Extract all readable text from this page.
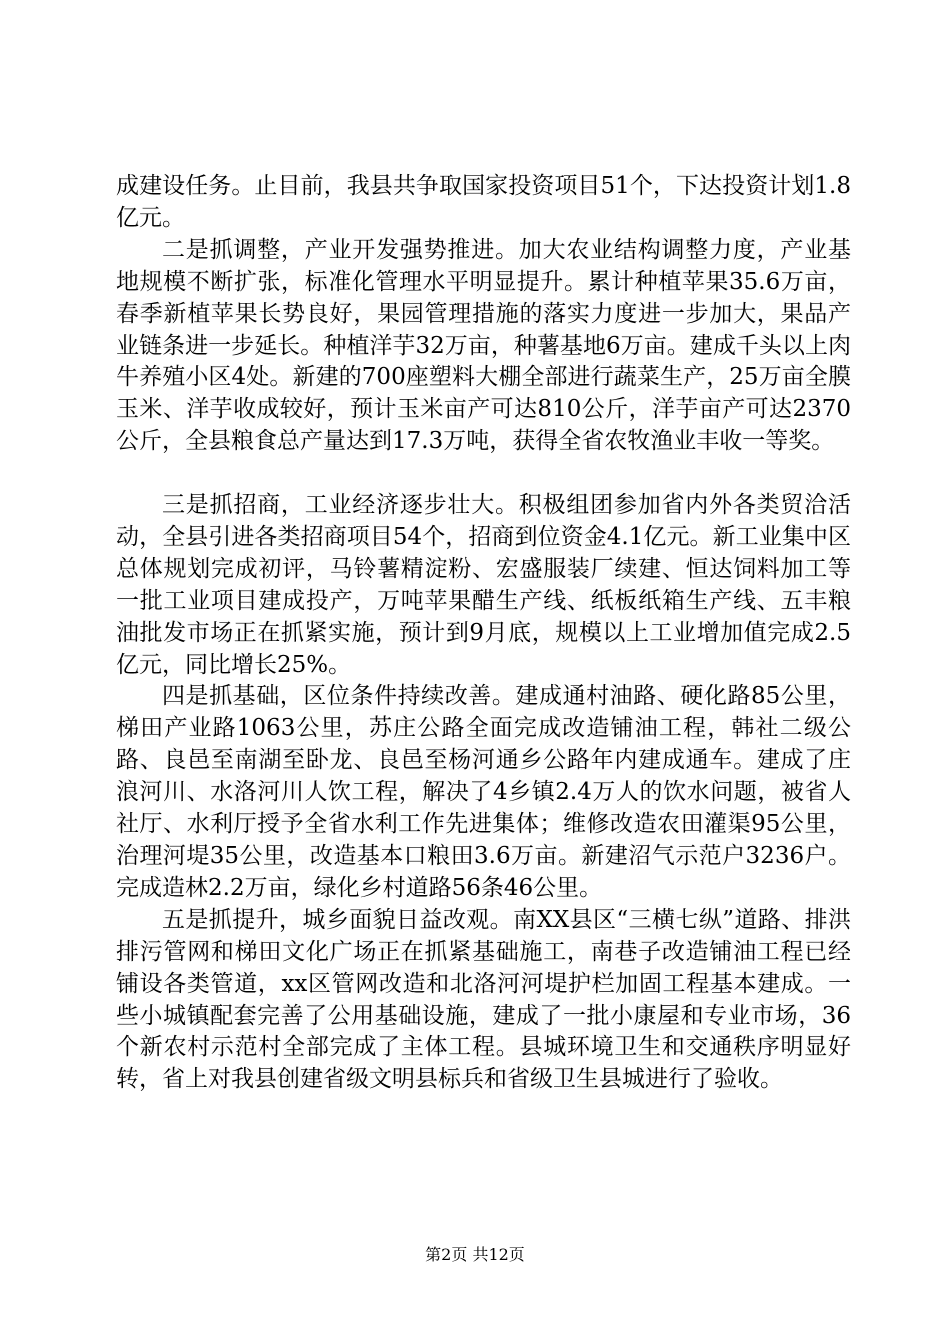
成建设任务。止目前，我县共争取国家投资项目51个，下达投资计划1.8亿元。

二是抓调整，产业开发强势推进。加大农业结构调整力度，产业基地规模不断扩张，标准化管理水平明显提升。累计种植苹果35.6万亩，春季新植苹果长势良好，果园管理措施的落实力度进一步加大，果品产业链条进一步延长。种植洋芋32万亩，种薯基地6万亩。建成千头以上肉牛养殖小区4处。新建的700座塑料大棚全部进行蔬菜生产，25万亩全膜玉米、洋芋收成较好，预计玉米亩产可达810公斤，洋芋亩产可达2370公斤，全县粮食总产量达到17.3万吨，获得全省农牧渔业丰收一等奖。

三是抓招商，工业经济逐步壮大。积极组团参加省内外各类贸洽活动，全县引进各类招商项目54个，招商到位资金4.1亿元。新工业集中区总体规划完成初评，马铃薯精淀粉、宏盛服装厂续建、恒达饲料加工等一批工业项目建成投产，万吨苹果醋生产线、纸板纸箱生产线、五丰粮油批发市场正在抓紧实施，预计到9月底，规模以上工业增加值完成2.5亿元，同比增长25%。

四是抓基础，区位条件持续改善。建成通村油路、硬化路85公里，梯田产业路1063公里，苏庄公路全面完成改造铺油工程，韩社二级公路、良邑至南湖至卧龙、良邑至杨河通乡公路年内建成通车。建成了庄浪河川、水洛河川人饮工程，解决了4乡镇2.4万人的饮水问题，被省人社厅、水利厅授予全省水利工作先进集体；维修改造农田灌渠95公里，治理河堤35公里，改造基本口粮田3.6万亩。新建沼气示范户3236户。完成造林2.2万亩，绿化乡村道路56条46公里。

五是抓提升，城乡面貌日益改观。南XX县区“三横七纵”道路、排洪排污管网和梯田文化广场正在抓紧基础施工，南巷子改造铺油工程已经铺设各类管道，xx区管网改造和北洛河河堤护栏加固工程基本建成。一些小城镇配套完善了公用基础设施，建成了一批小康屋和专业市场，36个新农村示范村全部完成了主体工程。县城环境卫生和交通秩序明显好转，省上对我县创建省级文明县标兵和省级卫生县城进行了验收。

第2页 共12页
